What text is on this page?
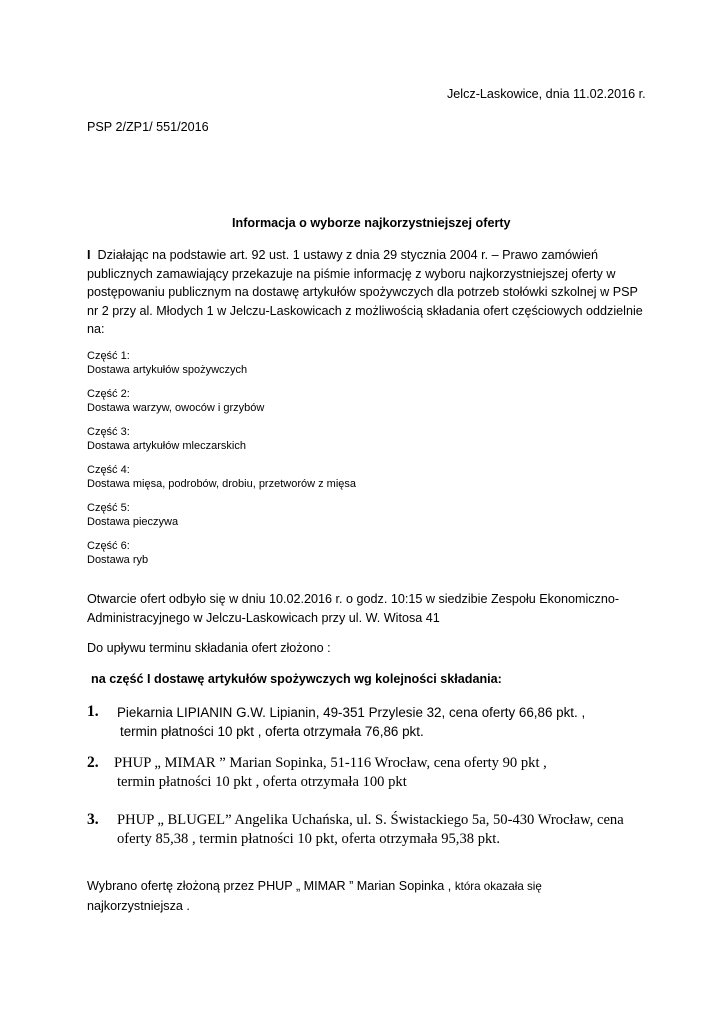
Jelcz-Laskowice, dnia 11.02.2016 r.
PSP 2/ZP1/ 551/2016
Informacja o wyborze najkorzystniejszej oferty
I Działając na podstawie art. 92 ust. 1 ustawy z dnia 29 stycznia 2004 r. – Prawo zamówień
publicznych zamawiający przekazuje na piśmie informację z wyboru najkorzystniejszej oferty w
postępowaniu publicznym na dostawę artykułów spożywczych dla potrzeb stołówki szkolnej w PSP
nr 2 przy al. Młodych 1 w Jelczu-Laskowicach z możliwością składania ofert częściowych oddzielnie
na:
Część 1:
Dostawa artykułów spożywczych
Część 2:
Dostawa warzyw, owoców i grzybów
Część 3:
Dostawa artykułów mleczarskich
Część 4:
Dostawa mięsa, podrobów, drobiu, przetworów z mięsa
Część 5:
Dostawa pieczywa
Część 6:
Dostawa ryb
Otwarcie ofert odbyło się w dniu 10.02.2016 r. o godz. 10:15 w siedzibie Zespołu Ekonomiczno-
Administracyjnego w Jelczu-Laskowicach przy ul. W. Witosa 41
Do upływu terminu składania ofert złożono :
na część I dostawę artykułów spożywczych wg kolejności składania:
1. Piekarnia LIPIANIN G.W. Lipianin, 49-351 Przylesie 32, cena oferty 66,86 pkt. ,
termin płatności 10 pkt , oferta otrzymała 76,86 pkt.
2. PHUP „ MIMAR ” Marian Sopinka, 51-116 Wrocław, cena oferty 90 pkt ,
termin płatności 10 pkt , oferta otrzymała 100 pkt
3. PHUP „ BLUGEL” Angelika Uchańska, ul. S. Świstackiego 5a, 50-430 Wrocław, cena
oferty 85,38 , termin płatności 10 pkt, oferta otrzymała 95,38 pkt.
Wybrano ofertę złożoną przez PHUP „ MIMAR ” Marian Sopinka , która okazała się
najkorzystniejsza .
